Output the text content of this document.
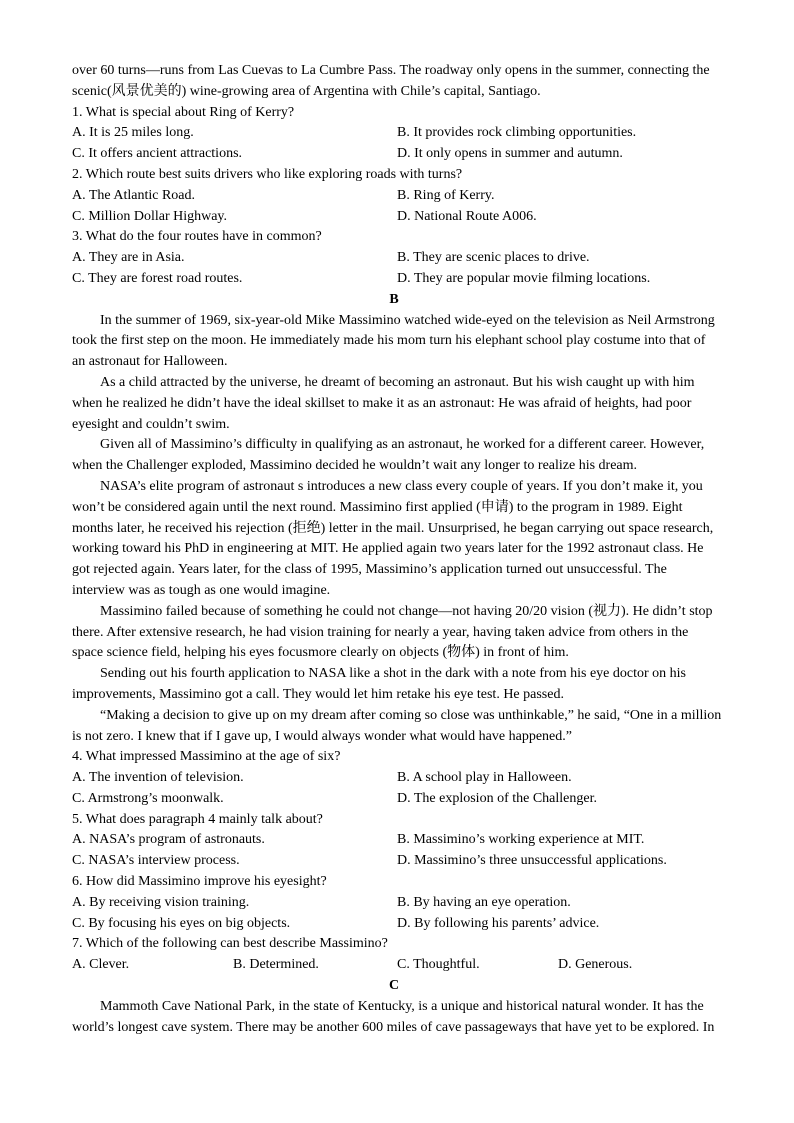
over 60 turns—runs from Las Cuevas to La Cumbre Pass. The roadway only opens in the summer, connecting the
scenic(风景优美的) wine-growing area of Argentina with Chile’s capital, Santiago.
1. What is special about Ring of Kerry?
A. It is 25 miles long.	B. It provides rock climbing opportunities.
C. It offers ancient attractions.	D. It only opens in summer and autumn.
2. Which route best suits drivers who like exploring roads with turns?
A. The Atlantic Road.	B. Ring of Kerry.
C. Million Dollar Highway.	D. National Route A006.
3. What do the four routes have in common?
A. They are in Asia.	B. They are scenic places to drive.
C. They are forest road routes.	D. They are popular movie filming locations.
B
In the summer of 1969, six-year-old Mike Massimino watched wide-eyed on the television as Neil Armstrong
took the first step on the moon. He immediately made his mom turn his elephant school play costume into that of
an astronaut for Halloween.
As a child attracted by the universe, he dreamt of becoming an astronaut. But his wish caught up with him
when he realized he didn’t have the ideal skillset to make it as an astronaut: He was afraid of heights, had poor
eyesight and couldn’t swim.
Given all of Massimino’s difficulty in qualifying as an astronaut, he worked for a different career. However,
when the Challenger exploded, Massimino decided he wouldn’t wait any longer to realize his dream.
NASA’s elite program of astronaut s introduces a new class every couple of years. If you don’t make it, you
won’t be considered again until the next round. Massimino first applied (申请) to the program in 1989. Eight
months later, he received his rejection (拒绝) letter in the mail. Unsurprised, he began carrying out space research,
working toward his PhD in engineering at MIT. He applied again two years later for the 1992 astronaut class. He
got rejected again. Years later, for the class of 1995, Massimino’s application turned out unsuccessful. The
interview was as tough as one would imagine.
Massimino failed because of something he could not change—not having 20/20 vision (视力). He didn’t stop
there. After extensive research, he had vision training for nearly a year, having taken advice from others in the
space science field, helping his eyes focusmore clearly on objects (物体) in front of him.
Sending out his fourth application to NASA like a shot in the dark with a note from his eye doctor on his
improvements, Massimino got a call. They would let him retake his eye test. He passed.
“Making a decision to give up on my dream after coming so close was unthinkable,” he said, “One in a million
is not zero. I knew that if I gave up, I would always wonder what would have happened.”
4. What impressed Massimino at the age of six?
A. The invention of television.	B. A school play in Halloween.
C. Armstrong’s moonwalk.	D. The explosion of the Challenger.
5. What does paragraph 4 mainly talk about?
A. NASA’s program of astronauts.	B. Massimino’s working experience at MIT.
C. NASA’s interview process.	D. Massimino’s three unsuccessful applications.
6. How did Massimino improve his eyesight?
A. By receiving vision training.	B. By having an eye operation.
C. By focusing his eyes on big objects.	D. By following his parents’ advice.
7. Which of the following can best describe Massimino?
A. Clever.	B. Determined.	C. Thoughtful.	D. Generous.
C
Mammoth Cave National Park, in the state of Kentucky, is a unique and historical natural wonder. It has the
world’s longest cave system. There may be another 600 miles of cave passageways that have yet to be explored. In
